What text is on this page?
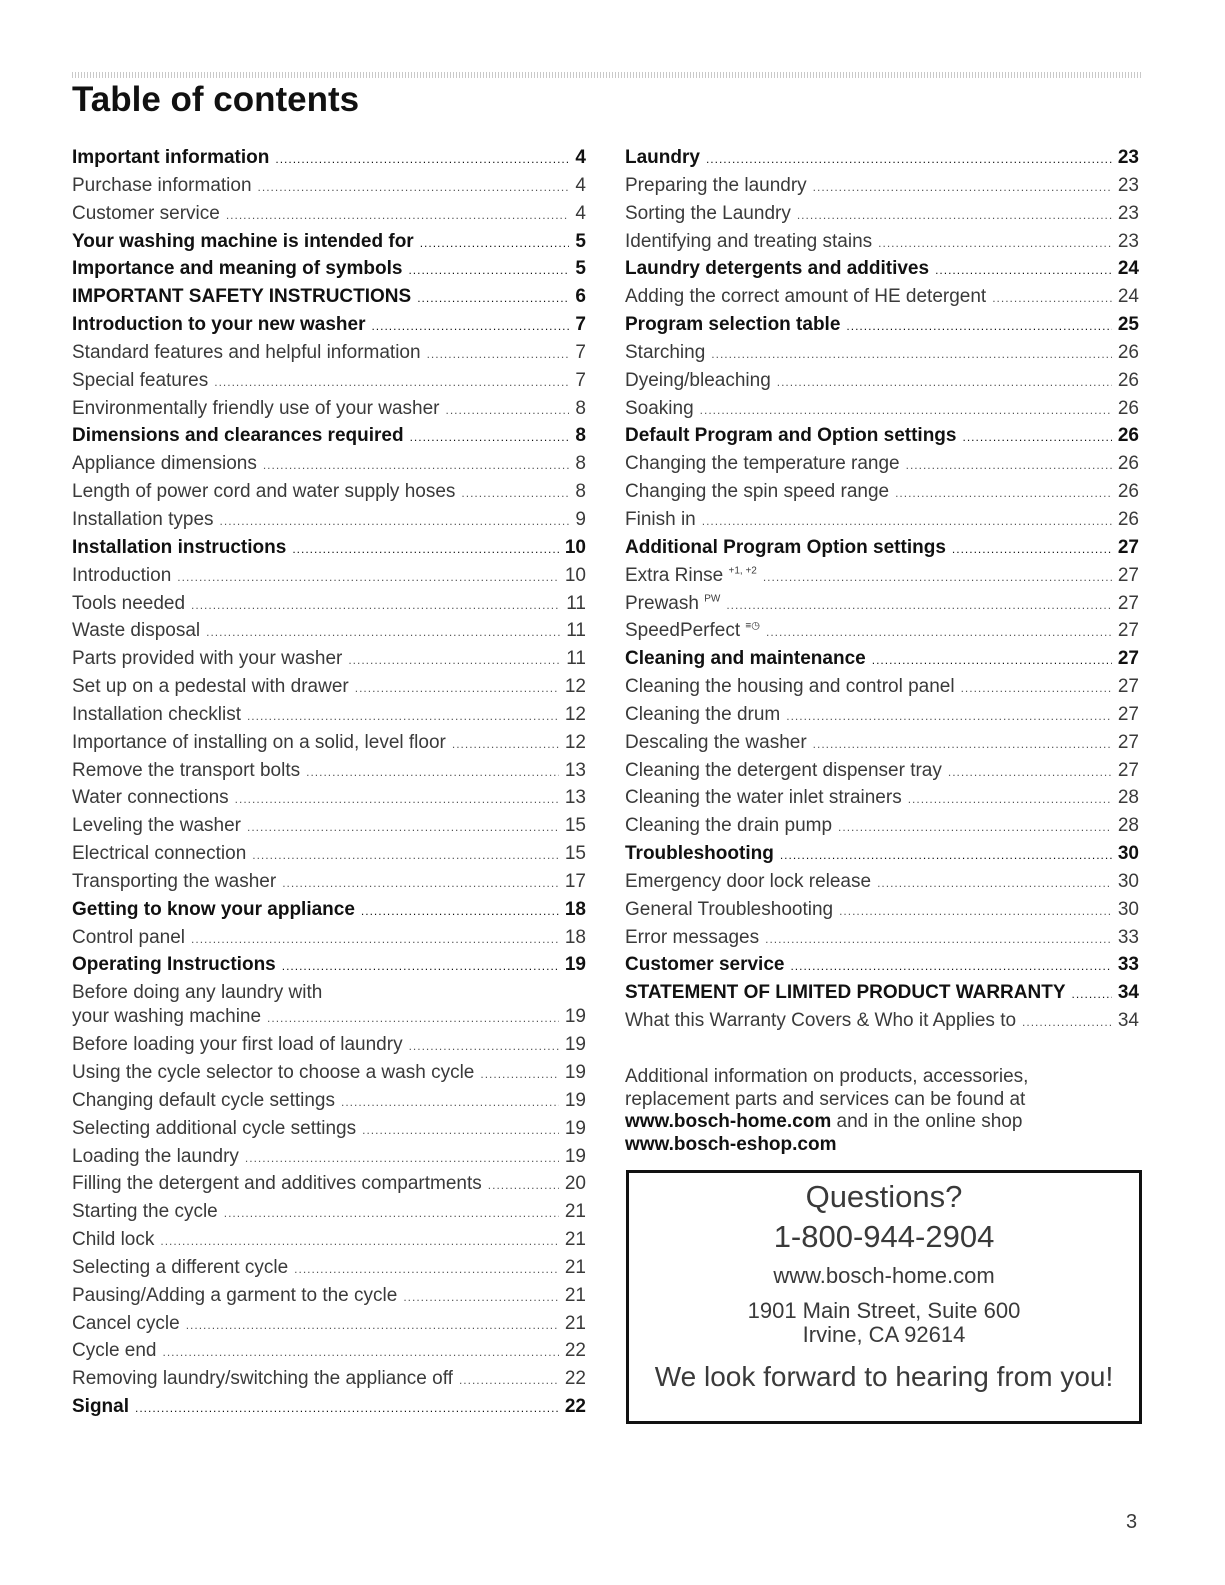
Table of contents
Important information .....	4
Purchase information .....	4
Customer service .....	4
Your washing machine is intended for .....	5
Importance and meaning of symbols .....	5
IMPORTANT SAFETY INSTRUCTIONS .....	6
Introduction to your new washer .....	7
Standard features and helpful information .....	7
Special features .....	7
Environmentally friendly use of your washer .....	8
Dimensions and clearances required .....	8
Appliance dimensions .....	8
Length of power cord and water supply hoses .....	8
Installation types .....	9
Installation instructions .....	10
Introduction .....	10
Tools needed .....	11
Waste disposal .....	11
Parts provided with your washer .....	11
Set up on a pedestal with drawer .....	12
Installation checklist .....	12
Importance of installing on a solid, level floor .....	12
Remove the transport bolts .....	13
Water connections .....	13
Leveling the washer .....	15
Electrical connection .....	15
Transporting the washer .....	17
Getting to know your appliance .....	18
Control panel .....	18
Operating Instructions .....	19
Before doing any laundry with
your washing machine .....	19
Before loading your first load of laundry .....	19
Using the cycle selector to choose a wash cycle .....	19
Changing default cycle settings .....	19
Selecting additional cycle settings .....	19
Loading the laundry .....	19
Filling the detergent and additives compartments .....	20
Starting the cycle .....	21
Child lock .....	21
Selecting a different cycle .....	21
Pausing/Adding a garment to the cycle .....	21
Cancel cycle .....	21
Cycle end .....	22
Removing laundry/switching the appliance off .....	22
Signal .....	22
Laundry .....	23
Preparing the laundry .....	23
Sorting the Laundry .....	23
Identifying and treating stains .....	23
Laundry detergents and additives .....	24
Adding the correct amount of HE detergent .....	24
Program selection table .....	25
Starching .....	26
Dyeing/bleaching .....	26
Soaking .....	26
Default Program and Option settings .....	26
Changing the temperature range .....	26
Changing the spin speed range .....	26
Finish in .....	26
Additional Program Option settings .....	27
Extra Rinse $^{+1, +2}$ .....	27
Prewash $^{PW}$ .....	27
SpeedPerfect ≡◷ .....	27
Cleaning and maintenance .....	27
Cleaning the housing and control panel .....	27
Cleaning the drum .....	27
Descaling the washer .....	27
Cleaning the detergent dispenser tray .....	27
Cleaning the water inlet strainers .....	28
Cleaning the drain pump .....	28
Troubleshooting .....	30
Emergency door lock release .....	30
General Troubleshooting .....	30
Error messages .....	33
Customer service .....	33
STATEMENT OF LIMITED PRODUCT WARRANTY .....	34
What this Warranty Covers & Who it Applies to .....	34
Additional information on products, accessories,
replacement parts and services can be found at
www.bosch-home.com and in the online shop
www.bosch-eshop.com
Questions?
1-800-944-2904
www.bosch-home.com
1901 Main Street, Suite 600
Irvine, CA 92614
We look forward to hearing from you!
3
